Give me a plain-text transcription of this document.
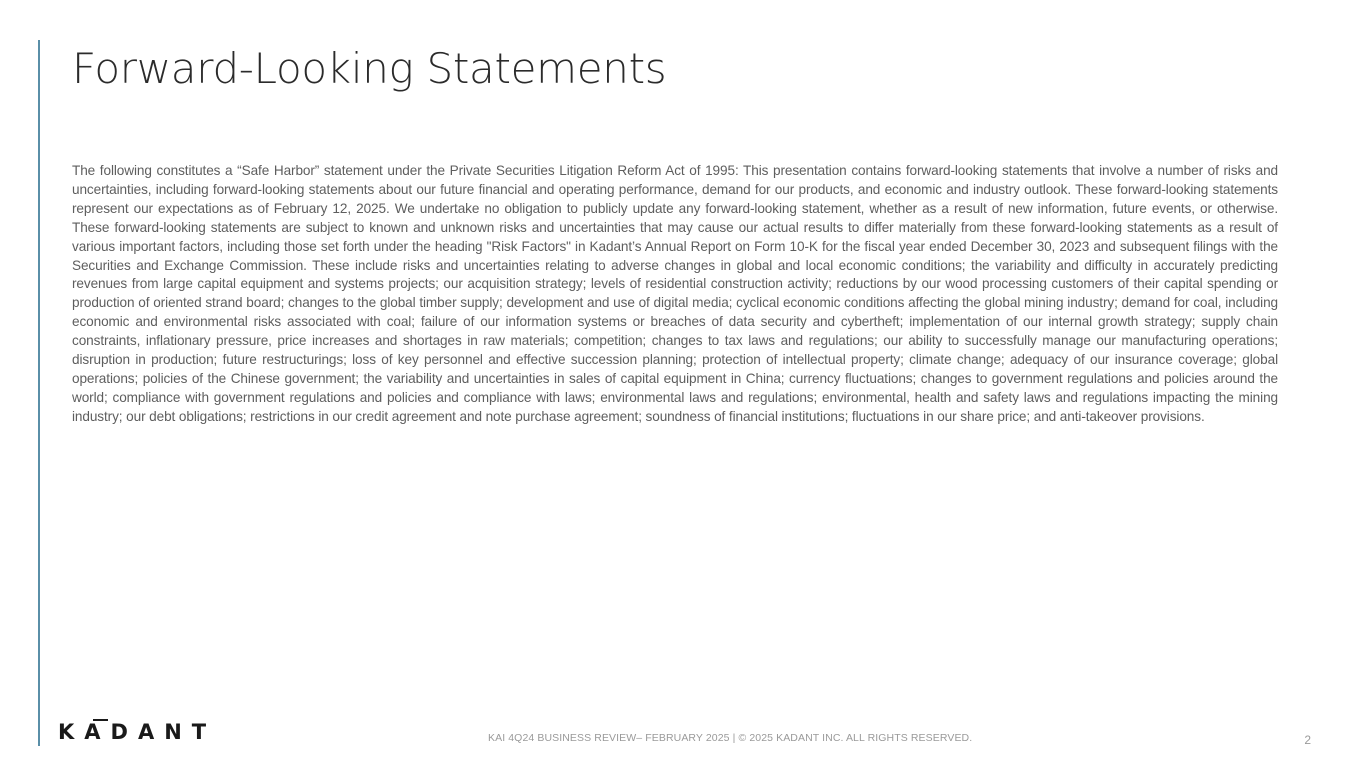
Forward-Looking Statements

The following constitutes a “Safe Harbor” statement under the Private Securities Litigation Reform Act of 1995: This presentation contains forward-looking statements that involve a number of risks and uncertainties, including forward-looking statements about our future financial and operating performance, demand for our products, and economic and industry outlook. These forward-looking statements represent our expectations as of February 12, 2025. We undertake no obligation to publicly update any forward-looking statement, whether as a result of new information, future events, or otherwise. These forward-looking statements are subject to known and unknown risks and uncertainties that may cause our actual results to differ materially from these forward-looking statements as a result of various important factors, including those set forth under the heading "Risk Factors" in Kadant’s Annual Report on Form 10-K for the fiscal year ended December 30, 2023 and subsequent filings with the Securities and Exchange Commission. These include risks and uncertainties relating to adverse changes in global and local economic conditions; the variability and difficulty in accurately predicting revenues from large capital equipment and systems projects; our acquisition strategy; levels of residential construction activity; reductions by our wood processing customers of their capital spending or production of oriented strand board; changes to the global timber supply; development and use of digital media; cyclical economic conditions affecting the global mining industry; demand for coal, including economic and environmental risks associated with coal; failure of our information systems or breaches of data security and cybertheft; implementation of our internal growth strategy; supply chain constraints, inflationary pressure, price increases and shortages in raw materials; competition; changes to tax laws and regulations; our ability to successfully manage our manufacturing operations; disruption in production; future restructurings; loss of key personnel and effective succession planning; protection of intellectual property; climate change; adequacy of our insurance coverage; global operations; policies of the Chinese government; the variability and uncertainties in sales of capital equipment in China; currency fluctuations; changes to government regulations and policies around the world; compliance with government regulations and policies and compliance with laws; environmental laws and regulations; environmental, health and safety laws and regulations impacting the mining industry; our debt obligations; restrictions in our credit agreement and note purchase agreement; soundness of financial institutions; fluctuations in our share price; and anti-takeover provisions.

KADANT	KAI 4Q24 BUSINESS REVIEW– FEBRUARY 2025 | © 2025 KADANT INC. ALL RIGHTS RESERVED.	2
